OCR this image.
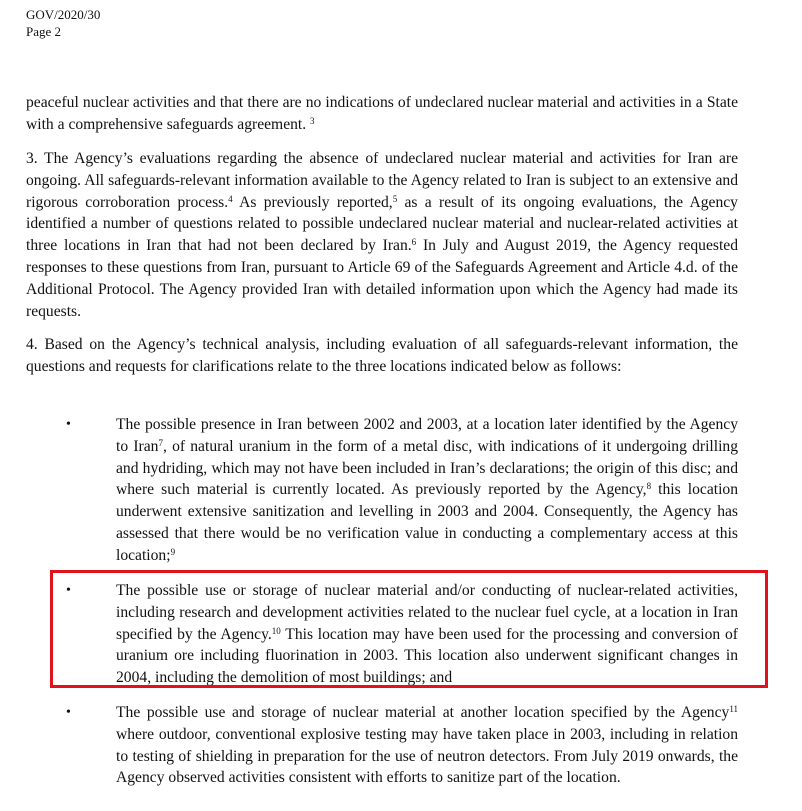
GOV/2020/30
Page 2
peaceful nuclear activities and that there are no indications of undeclared nuclear material and activities in a State with a comprehensive safeguards agreement. $^3$
3. The Agency’s evaluations regarding the absence of undeclared nuclear material and activities for Iran are ongoing. All safeguards-relevant information available to the Agency related to Iran is subject to an extensive and rigorous corroboration process.$^4$ As previously reported,$^5$ as a result of its ongoing evaluations, the Agency identified a number of questions related to possible undeclared nuclear material and nuclear-related activities at three locations in Iran that had not been declared by Iran.$^6$ In July and August 2019, the Agency requested responses to these questions from Iran, pursuant to Article 69 of the Safeguards Agreement and Article 4.d. of the Additional Protocol. The Agency provided Iran with detailed information upon which the Agency had made its requests.
4. Based on the Agency’s technical analysis, including evaluation of all safeguards-relevant information, the questions and requests for clarifications relate to the three locations indicated below as follows:
•	The possible presence in Iran between 2002 and 2003, at a location later identified by the Agency to Iran$^7$, of natural uranium in the form of a metal disc, with indications of it undergoing drilling and hydriding, which may not have been included in Iran’s declarations; the origin of this disc; and where such material is currently located. As previously reported by the Agency,$^8$ this location underwent extensive sanitization and levelling in 2003 and 2004. Consequently, the Agency has assessed that there would be no verification value in conducting a complementary access at this location;$^9$
•	The possible use or storage of nuclear material and/or conducting of nuclear-related activities, including research and development activities related to the nuclear fuel cycle, at a location in Iran specified by the Agency.$^{10}$ This location may have been used for the processing and conversion of uranium ore including fluorination in 2003. This location also underwent significant changes in 2004, including the demolition of most buildings; and
•	The possible use and storage of nuclear material at another location specified by the Agency$^{11}$ where outdoor, conventional explosive testing may have taken place in 2003, including in relation to testing of shielding in preparation for the use of neutron detectors. From July 2019 onwards, the Agency observed activities consistent with efforts to sanitize part of the location.
